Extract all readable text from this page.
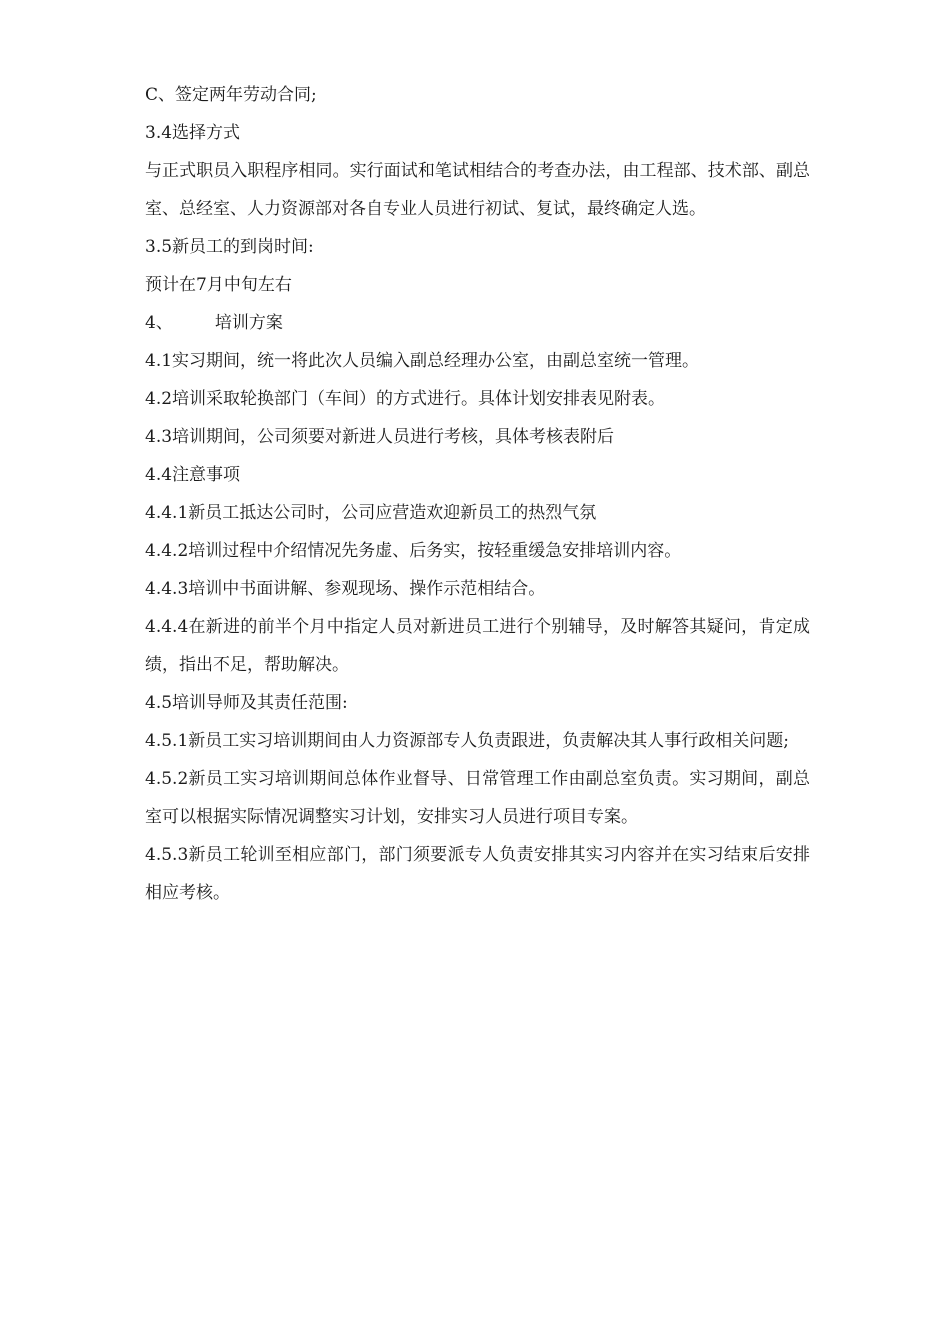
C、签定两年劳动合同;
3.4选择方式
与正式职员入职程序相同。实行面试和笔试相结合的考查办法，由工程部、技术部、副总室、总经室、人力资源部对各自专业人员进行初试、复试，最终确定人选。
3.5新员工的到岗时间:
预计在7月中旬左右
4、 培训方案
4.1实习期间，统一将此次人员编入副总经理办公室，由副总室统一管理。
4.2培训采取轮换部门（车间）的方式进行。具体计划安排表见附表。
4.3培训期间，公司须要对新进人员进行考核，具体考核表附后
4.4注意事项
4.4.1新员工抵达公司时，公司应营造欢迎新员工的热烈气氛
4.4.2培训过程中介绍情况先务虚、后务实，按轻重缓急安排培训内容。
4.4.3培训中书面讲解、参观现场、操作示范相结合。
4.4.4在新进的前半个月中指定人员对新进员工进行个别辅导，及时解答其疑问，肯定成绩，指出不足，帮助解决。
4.5培训导师及其责任范围:
4.5.1新员工实习培训期间由人力资源部专人负责跟进，负责解决其人事行政相关问题;
4.5.2新员工实习培训期间总体作业督导、日常管理工作由副总室负责。实习期间，副总室可以根据实际情况调整实习计划，安排实习人员进行项目专案。
4.5.3新员工轮训至相应部门，部门须要派专人负责安排其实习内容并在实习结束后安排相应考核。
